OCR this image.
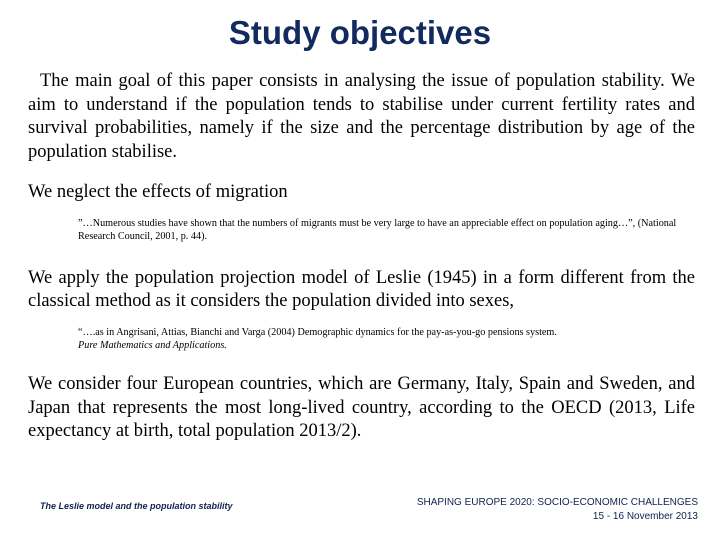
Study objectives

The main goal of this paper consists in analysing the issue of population stability. We aim to understand if the population tends to stabilise under current fertility rates and survival probabilities, namely if the size and the percentage distribution by age of the population stabilise.

We neglect the effects of migration

”…Numerous studies have shown that the numbers of migrants must be very large to have an appreciable effect on population aging…”, (National Research Council, 2001, p. 44).

We apply the population projection model of Leslie (1945) in a form different from the classical method as it considers the population divided into sexes,

“….as in Angrisani, Attias, Bianchi and Varga (2004) Demographic dynamics for the pay-as-you-go pensions system.
Pure Mathematics and Applications.

We consider four European countries, which are Germany, Italy, Spain and Sweden, and Japan that represents the most long-lived country, according to the OECD (2013, Life expectancy at birth, total population 2013/2).

The Leslie model and the population stability	SHAPING EUROPE 2020: SOCIO-ECONOMIC CHALLENGES
15 - 16 November 2013
